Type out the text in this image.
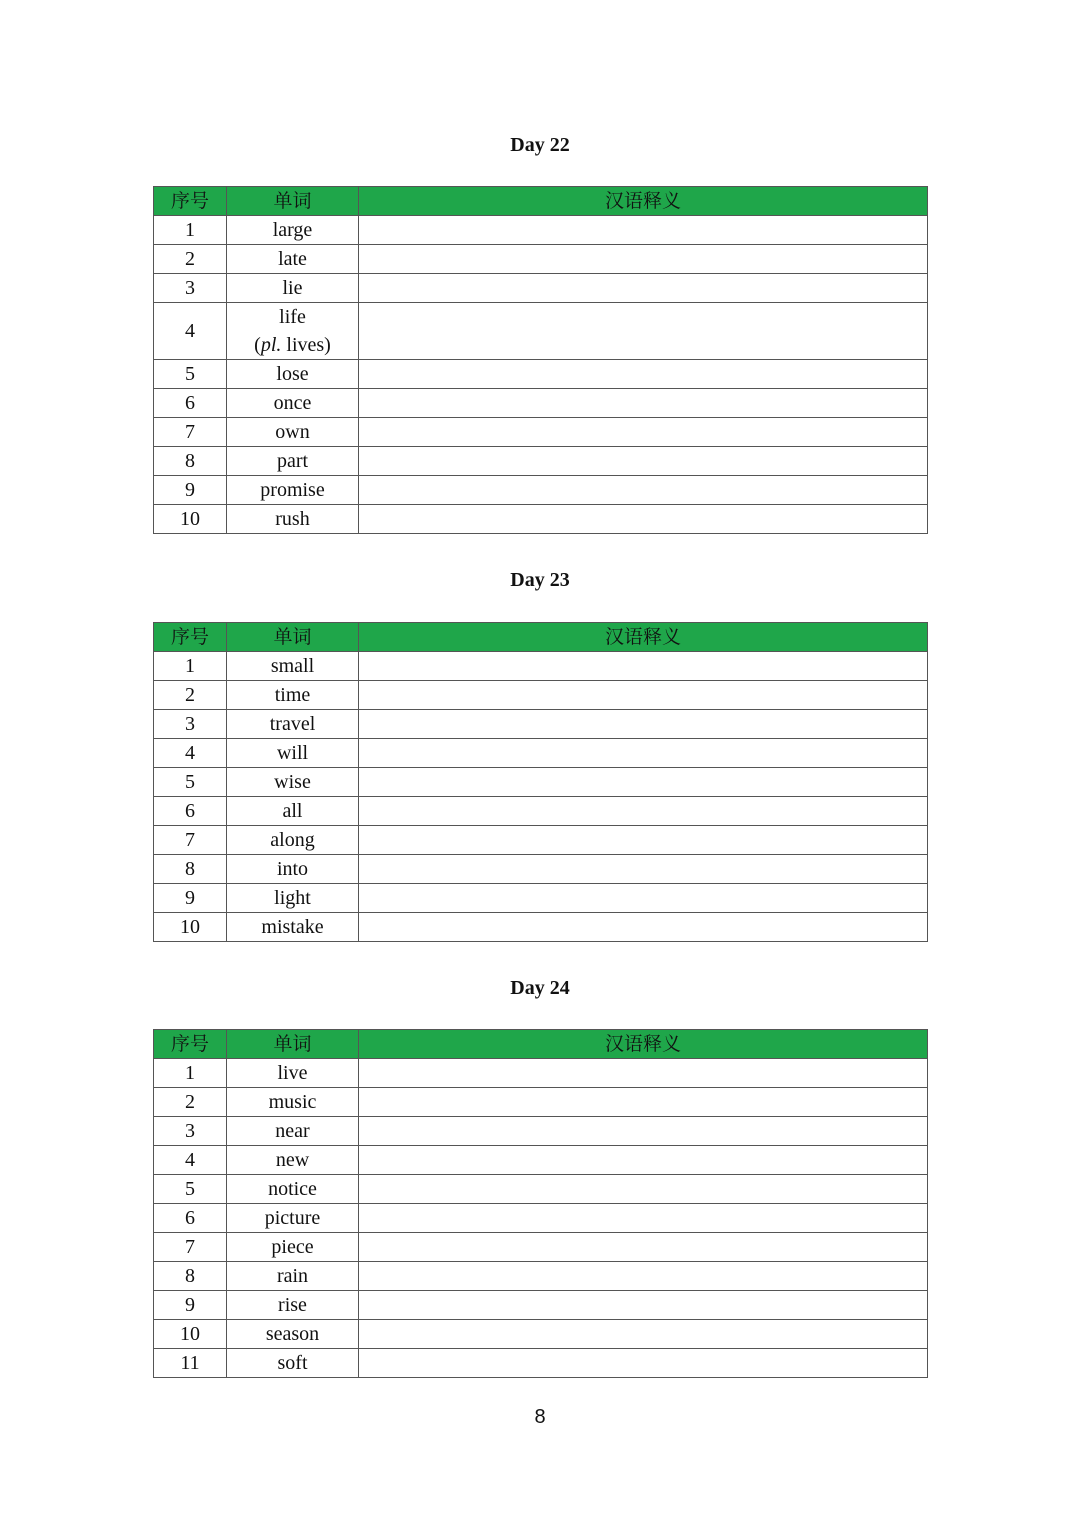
Day 22
序号	单词	汉语释义
1	large	
2	late	
3	lie	
4	life
(pl. lives)	

5	lose	
6	once	
7	own	
8	part	
9	promise	
10	rush	
Day 23
序号	单词	汉语释义
1	small	
2	time	
3	travel	
4	will	
5	wise	
6	all	
7	along	
8	into	
9	light	
10	mistake	
Day 24
序号	单词	汉语释义
1	live	
2	music	
3	near	
4	new	
5	notice	
6	picture	
7	piece	
8	rain	
9	rise	
10	season	
11	soft	
8
